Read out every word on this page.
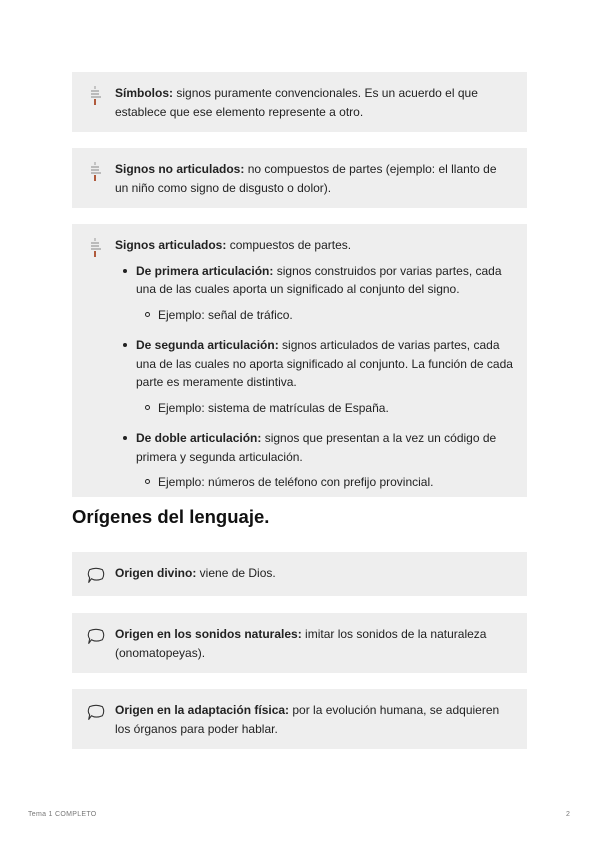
Símbolos: signos puramente convencionales. Es un acuerdo el que establece que ese elemento represente a otro.
Signos no articulados: no compuestos de partes (ejemplo: el llanto de un niño como signo de disgusto o dolor).
Signos articulados: compuestos de partes.
De primera articulación: signos construidos por varias partes, cada una de las cuales aporta un significado al conjunto del signo.
Ejemplo: señal de tráfico.
De segunda articulación: signos articulados de varias partes, cada una de las cuales no aporta significado al conjunto. La función de cada parte es meramente distintiva.
Ejemplo: sistema de matrículas de España.
De doble articulación: signos que presentan a la vez un código de primera y segunda articulación.
Ejemplo: números de teléfono con prefijo provincial.
Orígenes del lenguaje.
Origen divino: viene de Dios.
Origen en los sonidos naturales: imitar los sonidos de la naturaleza (onomatopeyas).
Origen en la adaptación física: por la evolución humana, se adquieren los órganos para poder hablar.
Tema 1 COMPLETO	2
